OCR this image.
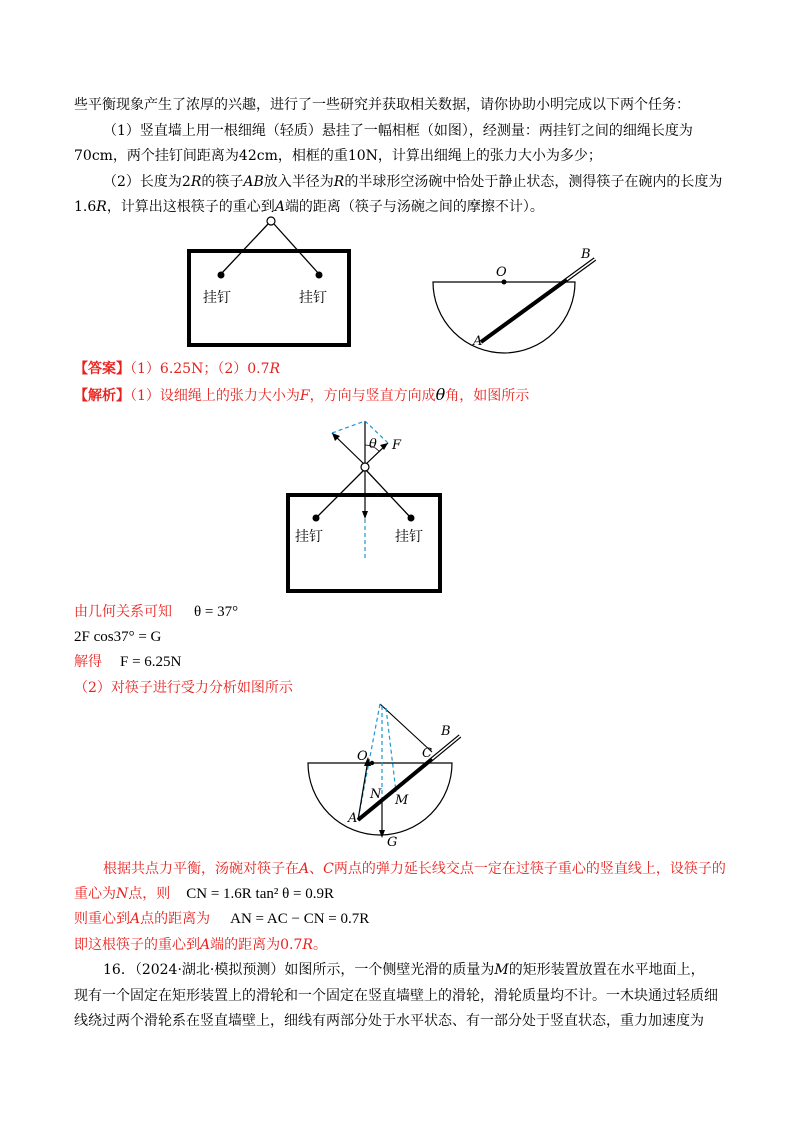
些平衡现象产生了浓厚的兴趣，进行了一些研究并获取相关数据，请你协助小明完成以下两个任务：
（1）竖直墙上用一根细绳（轻质）悬挂了一幅相框（如图），经测量：两挂钉之间的细绳长度为
70cm，两个挂钉间距离为42cm，相框的重10N，计算出细绳上的张力大小为多少；
（2）长度为2R的筷子AB放入半径为R的半球形空汤碗中恰处于静止状态，测得筷子在碗内的长度为
1.6R，计算出这根筷子的重心到A端的距离（筷子与汤碗之间的摩擦不计）。
挂钉	挂钉
O
A
B
【答案】（1）6.25N；（2）0.7R
【解析】（1）设细绳上的张力大小为F，方向与竖直方向成θ角，如图所示
θ F
挂钉	挂钉
由几何关系可知 θ = 37°
2F cos37° = G
解得 F = 6.25N
（2）对筷子进行受力分析如图所示
O
A
B
C
N M
G
根据共点力平衡，汤碗对筷子在A、C两点的弹力延长线交点一定在过筷子重心的竖直线上，设筷子的
重心为N点，则 CN = 1.6R tan² θ = 0.9R
则重心到A点的距离为 AN = AC − CN = 0.7R
即这根筷子的重心到A端的距离为0.7R。
16．（2024·湖北·模拟预测）如图所示，一个侧壁光滑的质量为M的矩形装置放置在水平地面上，
现有一个固定在矩形装置上的滑轮和一个固定在竖直墙壁上的滑轮，滑轮质量均不计。一木块通过轻质细
线绕过两个滑轮系在竖直墙壁上，细线有两部分处于水平状态、有一部分处于竖直状态，重力加速度为
